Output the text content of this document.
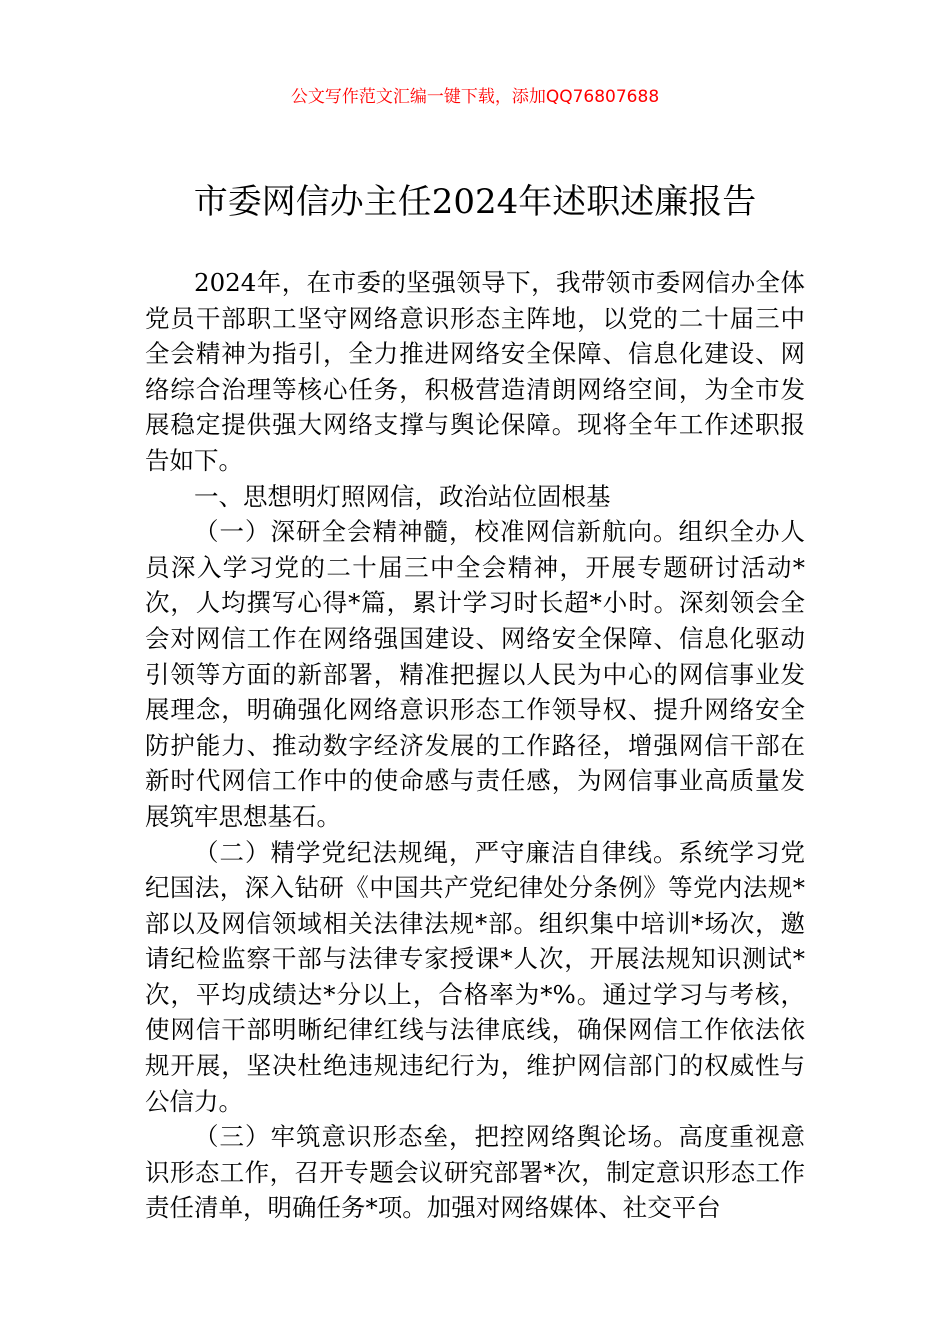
公文写作范文汇编一键下载，添加QQ76807688
市委网信办主任2024年述职述廉报告

2024年，在市委的坚强领导下，我带领市委网信办全体党员干部职工坚守网络意识形态主阵地，以党的二十届三中全会精神为指引，全力推进网络安全保障、信息化建设、网络综合治理等核心任务，积极营造清朗网络空间，为全市发展稳定提供强大网络支撑与舆论保障。现将全年工作述职报告如下。

一、思想明灯照网信，政治站位固根基

（一）深研全会精神髓，校准网信新航向。组织全办人员深入学习党的二十届三中全会精神，开展专题研讨活动*次，人均撰写心得*篇，累计学习时长超*小时。深刻领会全会对网信工作在网络强国建设、网络安全保障、信息化驱动引领等方面的新部署，精准把握以人民为中心的网信事业发展理念，明确强化网络意识形态工作领导权、提升网络安全防护能力、推动数字经济发展的工作路径，增强网信干部在新时代网信工作中的使命感与责任感，为网信事业高质量发展筑牢思想基石。

（二）精学党纪法规绳，严守廉洁自律线。系统学习党纪国法，深入钻研《中国共产党纪律处分条例》等党内法规*部以及网信领域相关法律法规*部。组织集中培训*场次，邀请纪检监察干部与法律专家授课*人次，开展法规知识测试*次，平均成绩达*分以上，合格率为*%。通过学习与考核，使网信干部明晰纪律红线与法律底线，确保网信工作依法依规开展，坚决杜绝违规违纪行为，维护网信部门的权威性与公信力。

（三）牢筑意识形态垒，把控网络舆论场。高度重视意识形态工作，召开专题会议研究部署*次，制定意识形态工作责任清单，明确任务*项。加强对网络媒体、社交平台
